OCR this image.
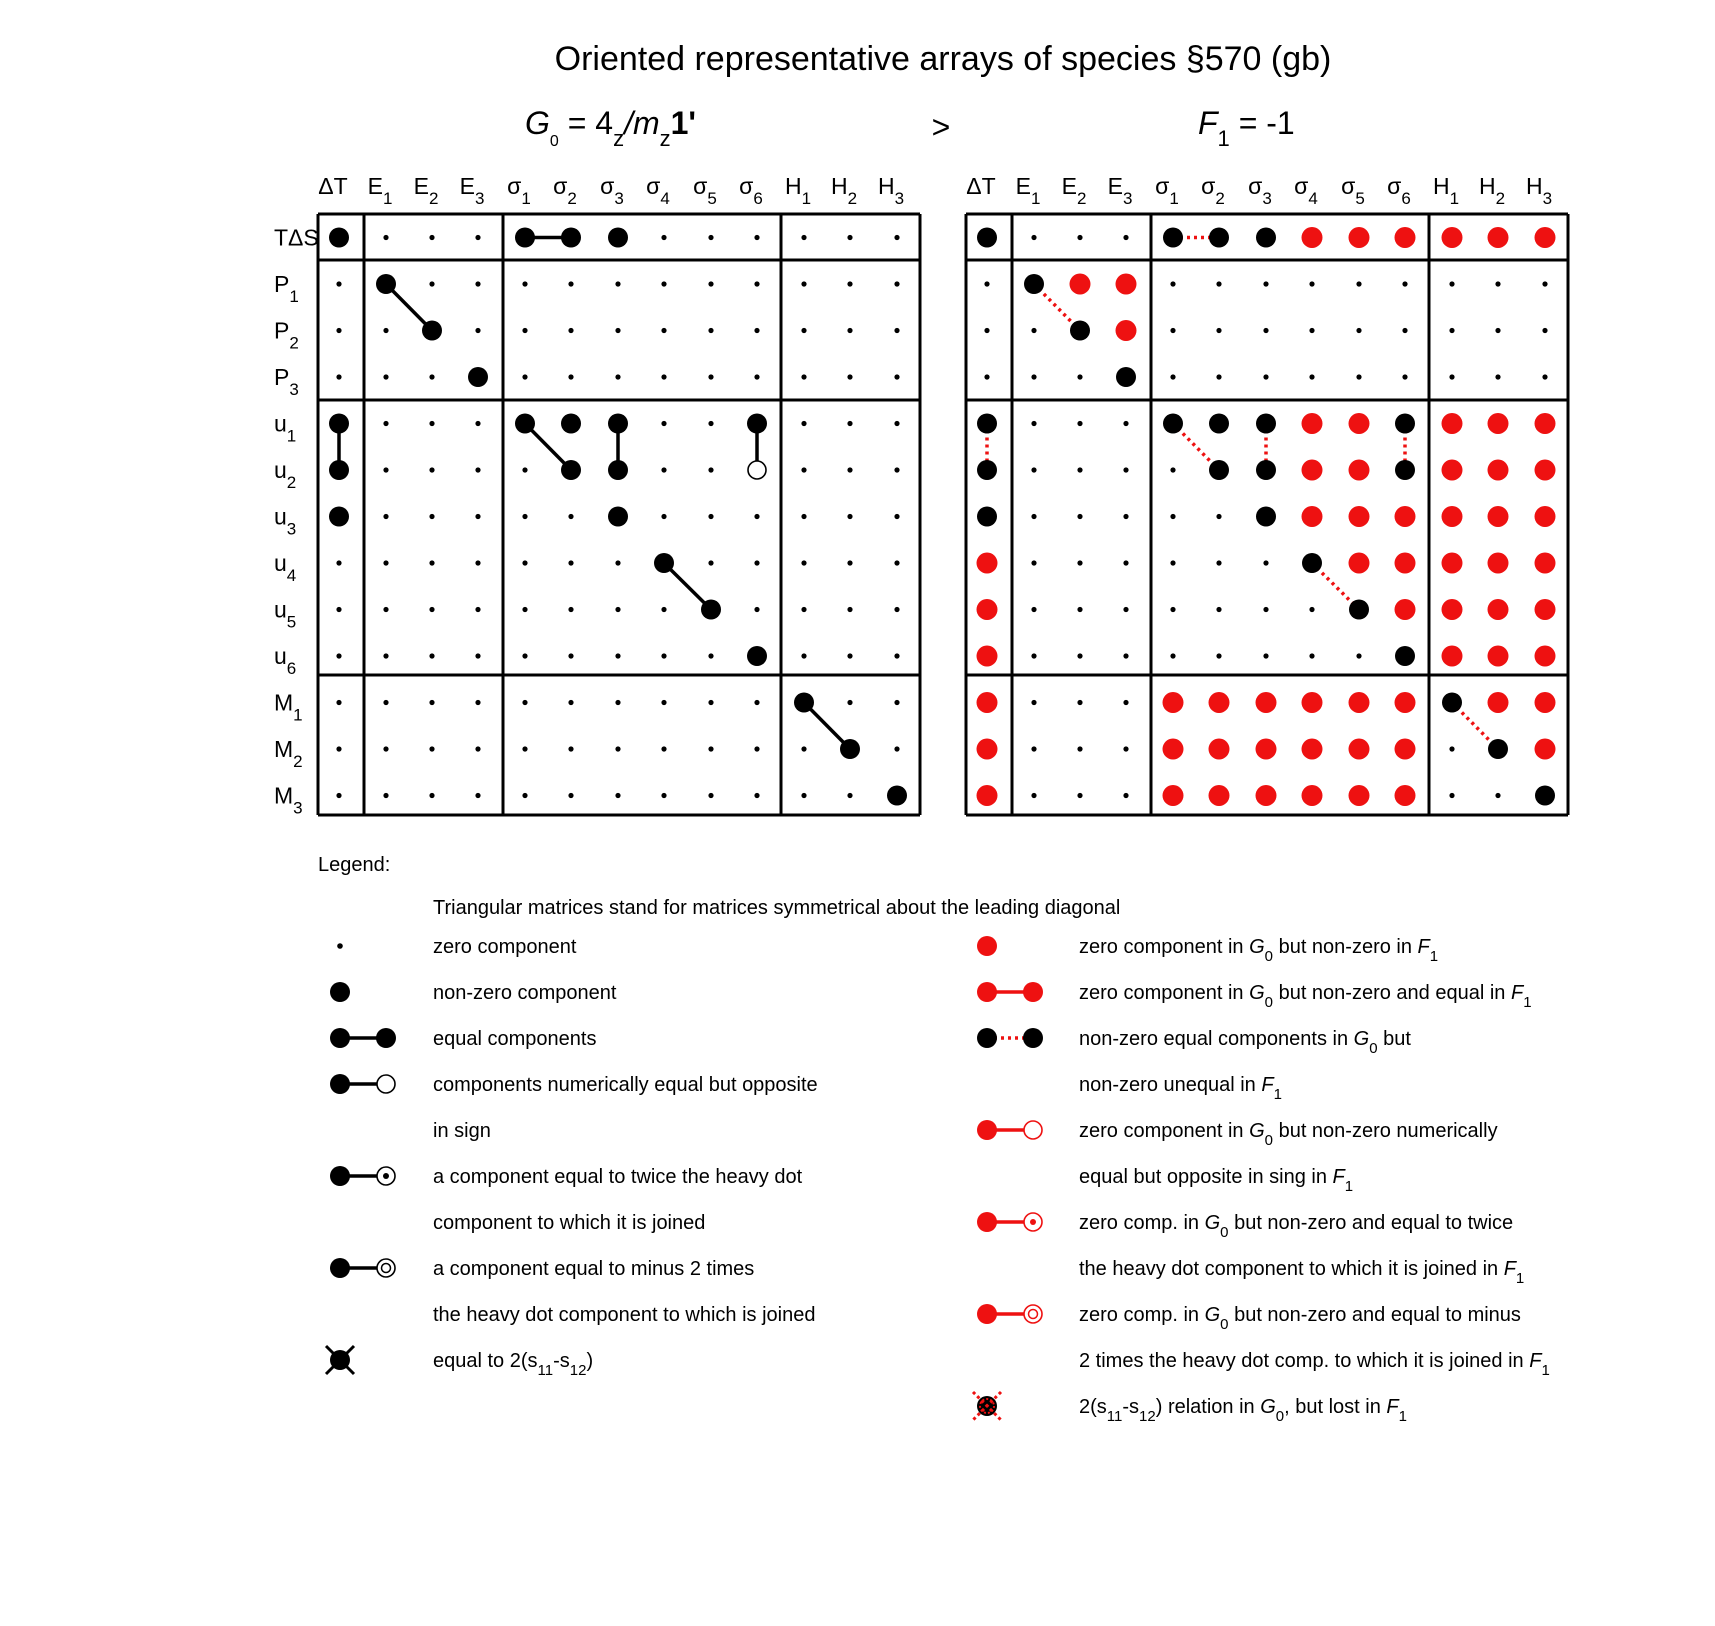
Oriented representative arrays of species §570 (gb)
$G_0 = 4_z/m_z1'$	>	$F_1 = -1$
ΔT $E_1$ $E_2$ $E_3$ $\sigma_1$ $\sigma_2$ $\sigma_3$ $\sigma_4$ $\sigma_5$ $\sigma_6$ $H_1$ $H_2$ $H_3$
TΔS
$P_1$
$P_2$
$P_3$
$u_1$
$u_2$
$u_3$
$u_4$
$u_5$
$u_6$
$M_1$
$M_2$
$M_3$
ΔT $E_1$ $E_2$ $E_3$ $\sigma_1$ $\sigma_2$ $\sigma_3$ $\sigma_4$ $\sigma_5$ $\sigma_6$ $H_1$ $H_2$ $H_3$
Legend:
Triangular matrices stand for matrices symmetrical about the leading diagonal
zero component
non-zero component
equal components
components numerically equal but opposite
in sign
a component equal to twice the heavy dot
component to which it is joined
a component equal to minus 2 times
the heavy dot component to which is joined
equal to $2(s_{11}-s_{12})$
zero component in $G_0$ but non-zero in $F_1$
zero component in $G_0$ but non-zero and equal in $F_1$
non-zero equal components in $G_0$ but
non-zero unequal in $F_1$
zero component in $G_0$ but non-zero numerically
equal but opposite in sing in $F_1$
zero comp. in $G_0$ but non-zero and equal to twice
the heavy dot component to which it is joined in $F_1$
zero comp. in $G_0$ but non-zero and equal to minus
2 times the heavy dot comp. to which it is joined in $F_1$
$2(s_{11}-s_{12})$ relation in $G_0$, but lost in $F_1$
